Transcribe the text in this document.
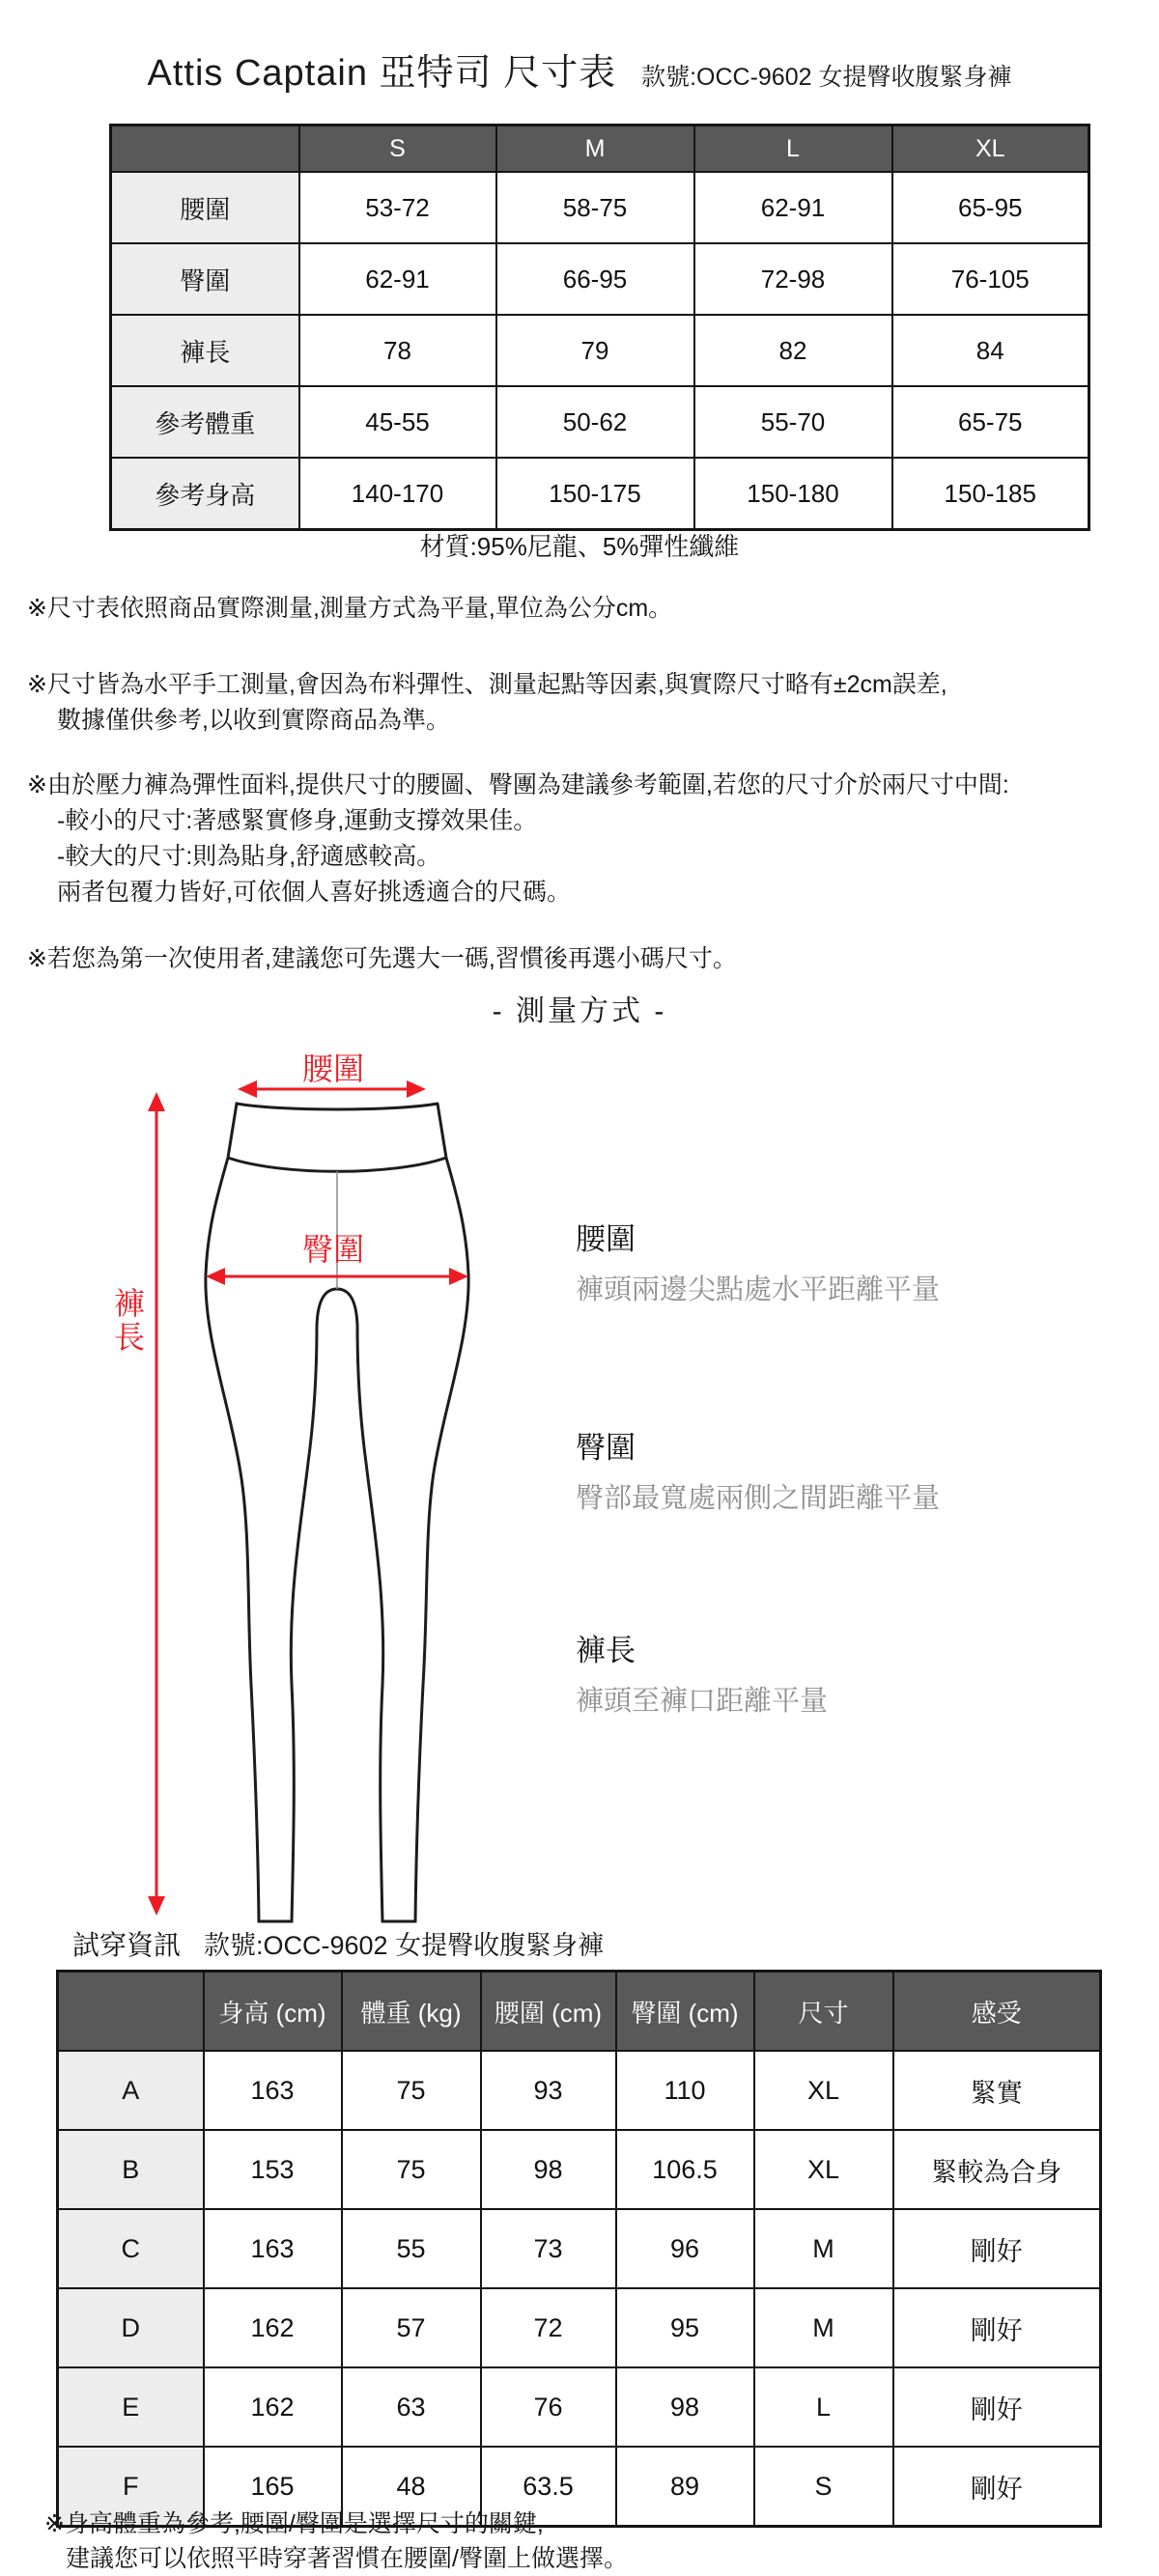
Attis Captain 亞特司 尺寸表 款號:OCC-9602 女提臀收腹緊身褲
	S	M	L	XL
腰圍	53-72	58-75	62-91	65-95
臀圍	62-91	66-95	72-98	76-105
褲長	78	79	82	84
參考體重	45-55	50-62	55-70	65-75
參考身高	140-170	150-175	150-180	150-185
材質:95%尼龍、5%彈性纖維

※尺寸表依照商品實際測量,測量方式為平量,單位為公分cm。

※尺寸皆為水平手工測量,會因為布料彈性、測量起點等因素,與實際尺寸略有±2cm誤差,

數據僅供參考,以收到實際商品為準。

※由於壓力褲為彈性面料,提供尺寸的腰圖、臀團為建議參考範圍,若您的尺寸介於兩尺寸中間:

-較小的尺寸:著感緊實修身,運動支撐效果佳。

-較大的尺寸:則為貼身,舒適感較高。

兩者包覆力皆好,可依個人喜好挑透適合的尺碼。

※若您為第一次使用者,建議您可先選大一碼,習慣後再選小碼尺寸。

- 測量方式 -
腰圍
臀圍
褲長
腰圍
褲頭兩邊尖點處水平距離平量
臀圍
臀部最寬處兩側之間距離平量
褲長
褲頭至褲口距離平量
試穿資訊 款號:OCC-9602 女提臀收腹緊身褲
	身高 (cm)	體重 (kg)	腰圍 (cm)	臀圍 (cm)	尺寸	感受
A	163	75	93	110	XL	緊實
B	153	75	98	106.5	XL	緊較為合身
C	163	55	73	96	M	剛好
D	162	57	72	95	M	剛好
E	162	63	76	98	L	剛好
F	165	48	63.5	89	S	剛好

※身高體重為參考,腰圍/臀圍是選擇尺寸的關鍵,

建議您可以依照平時穿著習慣在腰圍/臀圍上做選擇。
